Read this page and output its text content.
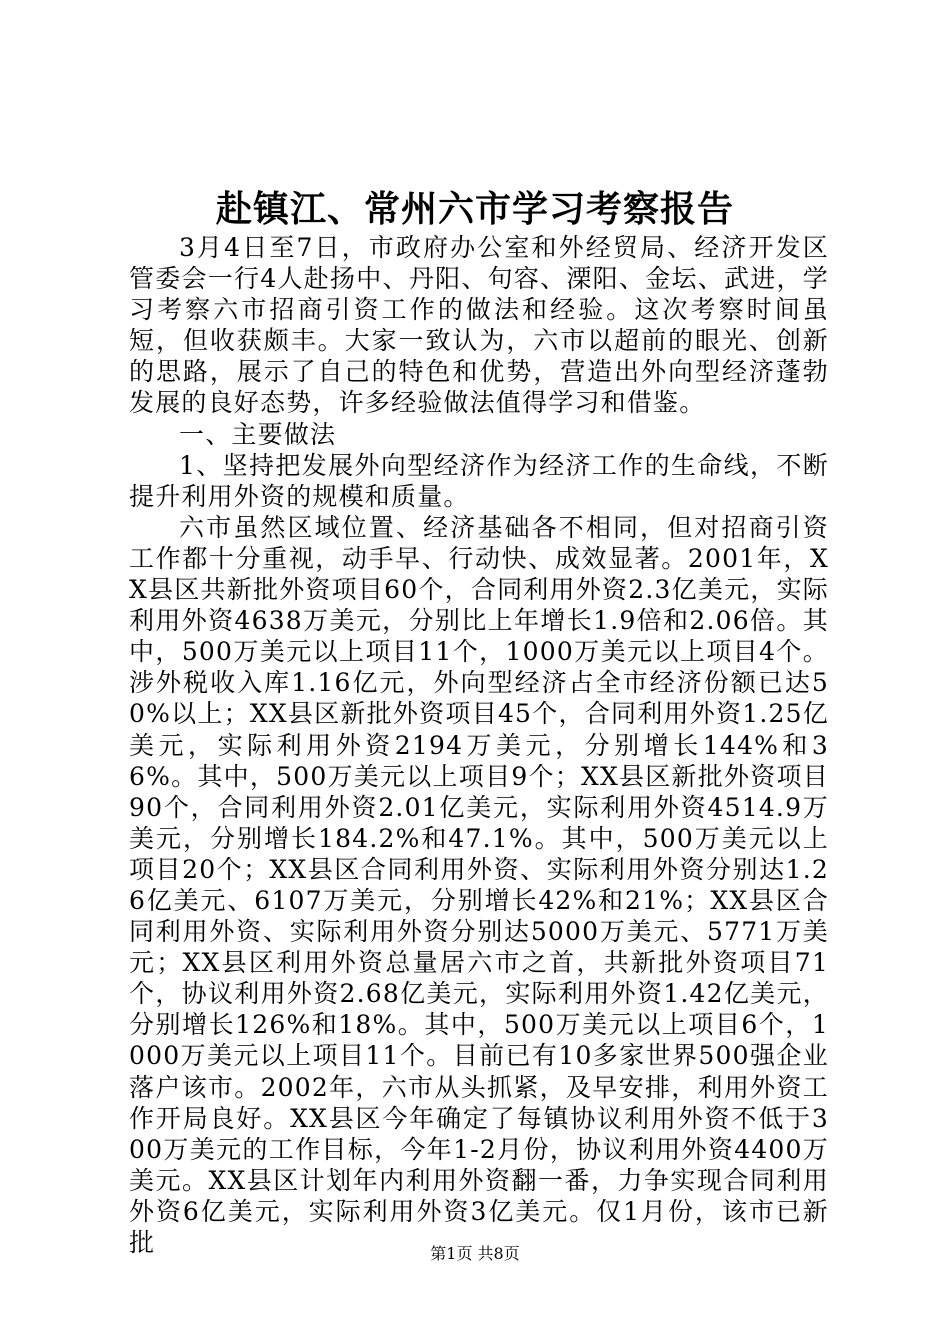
赴镇江、常州六市学习考察报告

3月4日至7日，市政府办公室和外经贸局、经济开发区管委会一行4人赴扬中、丹阳、句容、溧阳、金坛、武进，学习考察六市招商引资工作的做法和经验。这次考察时间虽短，但收获颇丰。大家一致认为，六市以超前的眼光、创新的思路，展示了自己的特色和优势，营造出外向型经济蓬勃发展的良好态势，许多经验做法值得学习和借鉴。

一、主要做法

1、坚持把发展外向型经济作为经济工作的生命线，不断提升利用外资的规模和质量。

六市虽然区域位置、经济基础各不相同，但对招商引资工作都十分重视，动手早、行动快、成效显著。2001年，XX县区共新批外资项目60个，合同利用外资2.3亿美元，实际利用外资4638万美元，分别比上年增长1.9倍和2.06倍。其中，500万美元以上项目11个，1000万美元以上项目4个。涉外税收入库1.16亿元，外向型经济占全市经济份额已达50%以上；XX县区新批外资项目45个，合同利用外资1.25亿美元，实际利用外资2194万美元，分别增长144%和36%。其中，500万美元以上项目9个；XX县区新批外资项目90个，合同利用外资2.01亿美元，实际利用外资4514.9万美元，分别增长184.2%和47.1%。其中，500万美元以上项目20个；XX县区合同利用外资、实际利用外资分别达1.26亿美元、6107万美元，分别增长42%和21%；XX县区合同利用外资、实际利用外资分别达5000万美元、5771万美元；XX县区利用外资总量居六市之首，共新批外资项目71个，协议利用外资2.68亿美元，实际利用外资1.42亿美元，分别增长126%和18%。其中，500万美元以上项目6个，1000万美元以上项目11个。目前已有10多家世界500强企业落户该市。2002年，六市从头抓紧，及早安排，利用外资工作开局良好。XX县区今年确定了每镇协议利用外资不低于300万美元的工作目标，今年1-2月份，协议利用外资4400万美元。XX县区计划年内利用外资翻一番，力争实现合同利用外资6亿美元，实际利用外资3亿美元。仅1月份，该市已新批	第1页 共8页
